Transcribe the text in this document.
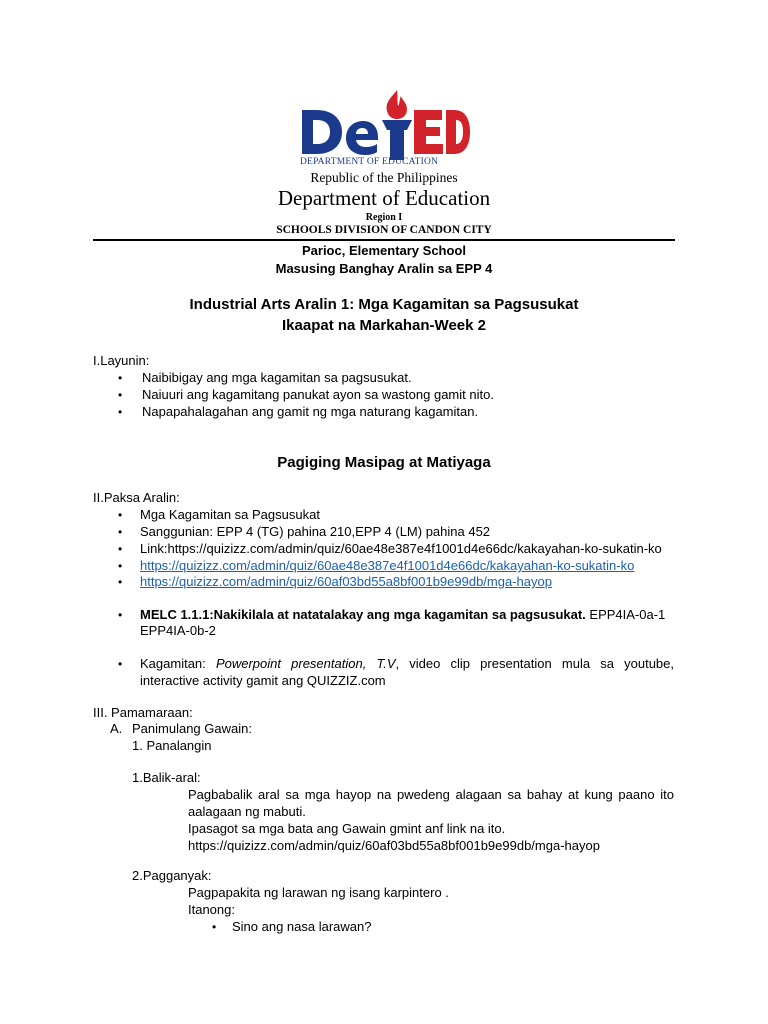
DEPARTMENT OF EDUCATION
Republic of the Philippines
Department of Education
Region I
SCHOOLS DIVISION OF CANDON CITY
Parioc, Elementary School
Masusing Banghay Aralin sa EPP 4
Industrial Arts Aralin 1: Mga Kagamitan sa Pagsusukat
Ikaapat na Markahan-Week 2
I.Layunin:
• Naibibigay ang mga kagamitan sa pagsusukat.
• Naiuuri ang kagamitang panukat ayon sa wastong gamit nito.
• Napapahalagahan ang gamit ng mga naturang kagamitan.
Pagiging Masipag at Matiyaga
II.Paksa Aralin:
• Mga Kagamitan sa Pagsusukat
• Sanggunian: EPP 4 (TG) pahina 210,EPP 4 (LM) pahina 452
• Link:https://quizizz.com/admin/quiz/60ae48e387e4f1001d4e66dc/kakayahan-ko-sukatin-ko
• https://quizizz.com/admin/quiz/60ae48e387e4f1001d4e66dc/kakayahan-ko-sukatin-ko
• https://quizizz.com/admin/quiz/60af03bd55a8bf001b9e99db/mga-hayop
• MELC 1.1.1:Nakikilala at natatalakay ang mga kagamitan sa pagsusukat. EPP4IA-0a-1
EPP4IA-0b-2
• Kagamitan: Powerpoint presentation, T.V, video clip presentation mula sa youtube,
interactive activity gamit ang QUIZZIZ.com
III. Pamamaraan:
A. Panimulang Gawain:
1. Panalangin
1.Balik-aral:
Pagbabalik aral sa mga hayop na pwedeng alagaan sa bahay at kung paano ito
aalagaan ng mabuti.
Ipasagot sa mga bata ang Gawain gmint anf link na ito.
https://quizizz.com/admin/quiz/60af03bd55a8bf001b9e99db/mga-hayop
2.Pagganyak:
Pagpapakita ng larawan ng isang karpintero .
Itanong:
• Sino ang nasa larawan?
